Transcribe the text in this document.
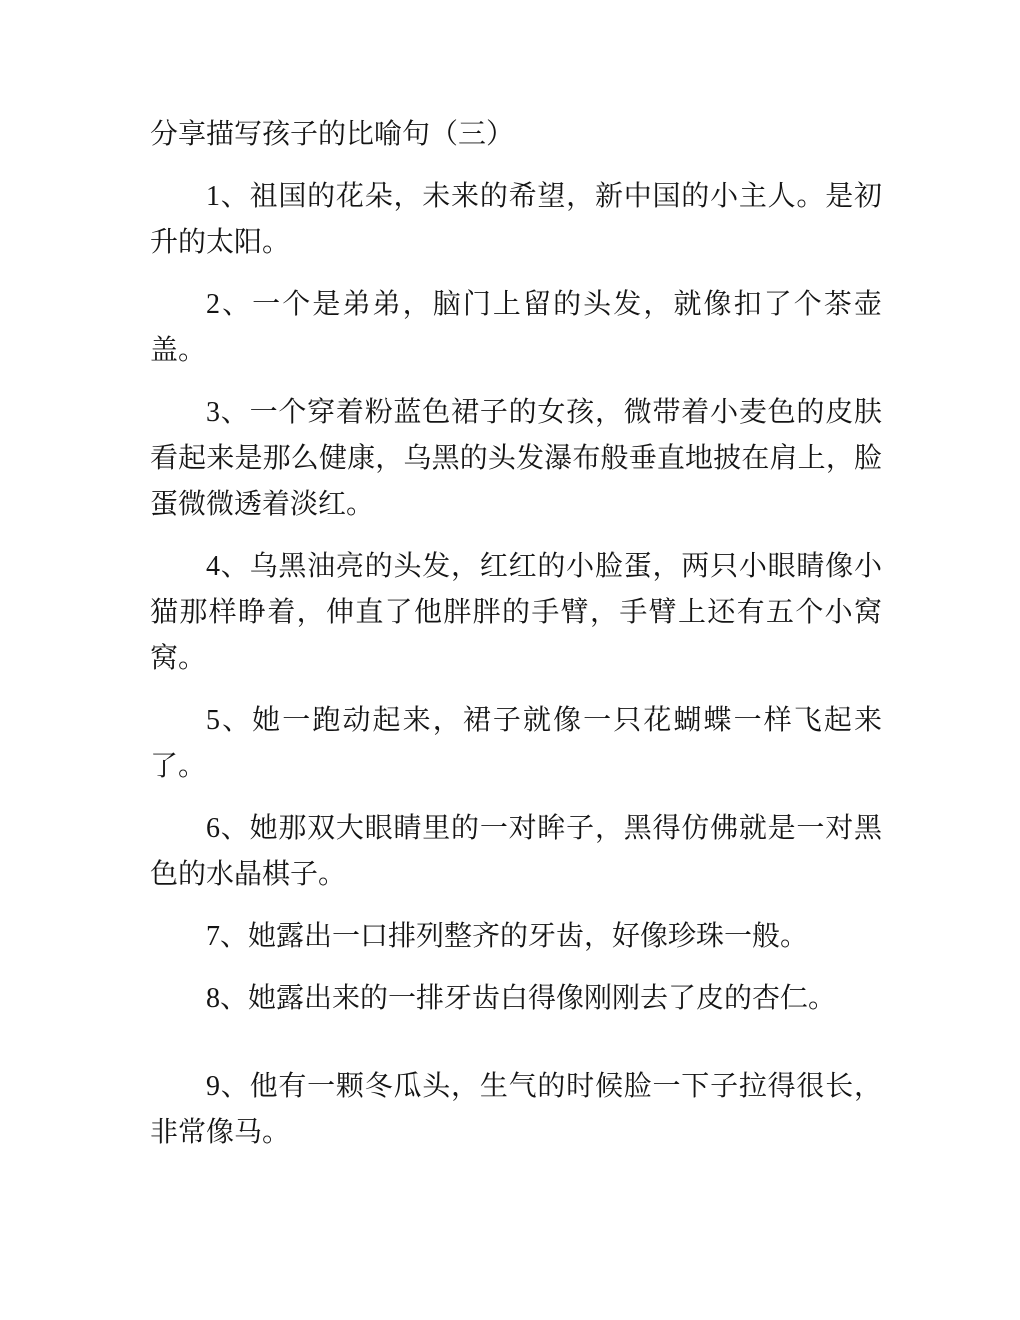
分享描写孩子的比喻句（三）

1、祖国的花朵，未来的希望，新中国的小主人。是初升的太阳。

2、一个是弟弟，脑门上留的头发，就像扣了个茶壶盖。

3、一个穿着粉蓝色裙子的女孩，微带着小麦色的皮肤看起来是那么健康，乌黑的头发瀑布般垂直地披在肩上，脸蛋微微透着淡红。

4、乌黑油亮的头发，红红的小脸蛋，两只小眼睛像小猫那样睁着，伸直了他胖胖的手臂，手臂上还有五个小窝窝。

5、她一跑动起来，裙子就像一只花蝴蝶一样飞起来了。

6、她那双大眼睛里的一对眸子，黑得仿佛就是一对黑色的水晶棋子。

7、她露出一口排列整齐的牙齿，好像珍珠一般。

8、她露出来的一排牙齿白得像刚刚去了皮的杏仁。

9、他有一颗冬瓜头，生气的时候脸一下子拉得很长，非常像马。
